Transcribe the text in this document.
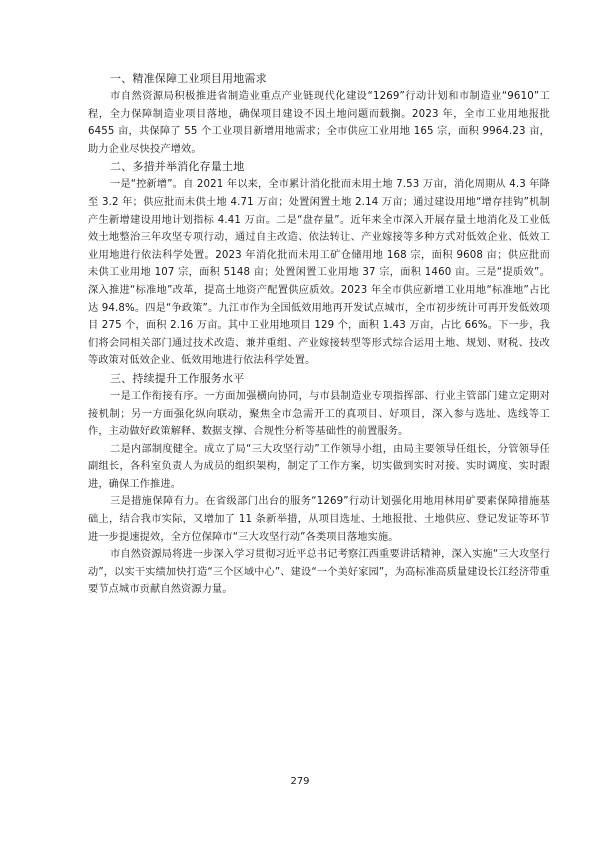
一、精准保障工业项目用地需求

市自然资源局积极推进省制造业重点产业链现代化建设“1269”行动计划和市制造业“9610”工程，全力保障制造业项目落地，确保项目建设不因土地问题而载搁。2023 年，全市工业用地报批 6455 亩，共保障了 55 个工业项目新增用地需求；全市供应工业用地 165 宗，面积 9964.23 亩，助力企业尽快投产增效。

二、多措并举消化存量土地

一是“控新增”。自 2021 年以来，全市累计消化批而未用土地 7.53 万亩，消化周期从 4.3 年降至 3.2 年；供应批而未供土地 4.71 万亩；处置闲置土地 2.14 万亩；通过建设用地“增存挂钩”机制产生新增建设用地计划指标 4.41 万亩。二是“盘存量”。近年来全市深入开展存量土地消化及工业低效土地整治三年攻坚专项行动，通过自主改造、依法转让、产业嫁接等多种方式对低效企业、低效工业用地进行依法科学处置。2023 年消化批而未用工矿仓储用地 168 宗，面积 9608 亩；供应批而未供工业用地 107 宗，面积 5148 亩；处置闲置工业用地 37 宗，面积 1460 亩。三是“提质效”。深入推进“标准地”改革，提高土地资产配置供应质效。2023 年全市供应新增工业用地“标准地”占比达 94.8%。四是“争政策”。九江市作为全国低效用地再开发试点城市，全市初步统计可再开发低效项目 275 个，面积 2.16 万亩。其中工业用地项目 129 个，面积 1.43 万亩，占比 66%。下一步，我们将会同相关部门通过技术改造、兼并重组、产业嫁接转型等形式综合运用土地、规划、财税、技改等政策对低效企业、低效用地进行依法科学处置。

三、持续提升工作服务水平

一是工作衔接有序。一方面加强横向协同，与市县制造业专项指挥部、行业主管部门建立定期对接机制；另一方面强化纵向联动，聚焦全市急需开工的真项目、好项目，深入参与选址、选线等工作，主动做好政策解释、数据支撑、合规性分析等基础性的前置服务。

二是内部制度健全。成立了局“三大攻坚行动”工作领导小组，由局主要领导任组长，分管领导任副组长，各科室负责人为成员的组织架构，制定了工作方案，切实做到实时对接、实时调度、实时跟进，确保工作推进。

三是措施保障有力。在省级部门出台的服务“1269”行动计划强化用地用林用矿要素保障措施基础上，结合我市实际，又增加了 11 条新举措，从项目选址、土地报批、土地供应、登记发证等环节进一步提速提效，全方位保障市“三大攻坚行动”各类项目落地实施。

市自然资源局将进一步深入学习贯彻习近平总书记考察江西重要讲话精神，深入实施“三大攻坚行动”，以实干实绩加快打造“三个区域中心”、建设“一个美好家园”，为高标准高质量建设长江经济带重要节点城市贡献自然资源力量。

279
